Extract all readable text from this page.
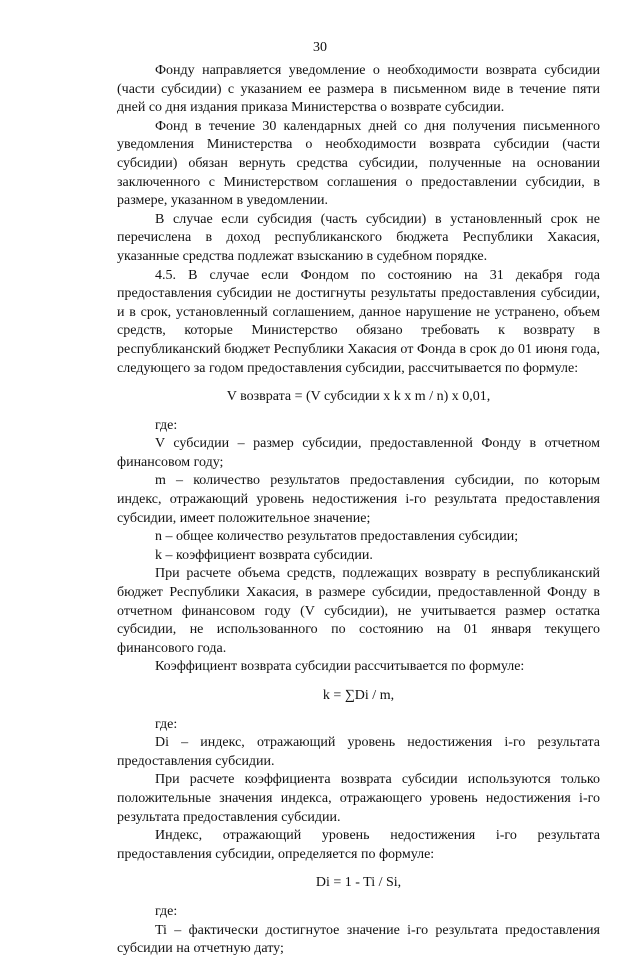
30

Фонду направляется уведомление о необходимости возврата субсидии (части субсидии) с указанием ее размера в письменном виде в течение пяти дней со дня издания приказа Министерства о возврате субсидии.

Фонд в течение 30 календарных дней со дня получения письменного уведомления Министерства о необходимости возврата субсидии (части субсидии) обязан вернуть средства субсидии, полученные на основании заключенного с Министерством соглашения о предоставлении субсидии, в размере, указанном в уведомлении.

В случае если субсидия (часть субсидии) в установленный срок не перечислена в доход республиканского бюджета Республики Хакасия, указанные средства подлежат взысканию в судебном порядке.

4.5. В случае если Фондом по состоянию на 31 декабря года предоставления субсидии не достигнуты результаты предоставления субсидии, и в срок, установленный соглашением, данное нарушение не устранено, объем средств, которые Министерство обязано требовать к возврату в республиканский бюджет Республики Хакасия от Фонда в срок до 01 июня года, следующего за годом предоставления субсидии, рассчитывается по формуле:

V возврата = (V субсидии x k x m / n) x 0,01,

где:

V субсидии – размер субсидии, предоставленной Фонду в отчетном финансовом году;

m – количество результатов предоставления субсидии, по которым индекс, отражающий уровень недостижения i-го результата предоставления субсидии, имеет положительное значение;

n – общее количество результатов предоставления субсидии;

k – коэффициент возврата субсидии.

При расчете объема средств, подлежащих возврату в республиканский бюджет Республики Хакасия, в размере субсидии, предоставленной Фонду в отчетном финансовом году (V субсидии), не учитывается размер остатка субсидии, не использованного по состоянию на 01 января текущего финансового года.

Коэффициент возврата субсидии рассчитывается по формуле:

k = ∑Di / m,

где:

Di – индекс, отражающий уровень недостижения i-го результата предоставления субсидии.

При расчете коэффициента возврата субсидии используются только положительные значения индекса, отражающего уровень недостижения i-го результата предоставления субсидии.

Индекс, отражающий уровень недостижения i-го результата предоставления субсидии, определяется по формуле:

Di = 1 - Ti / Si,

где:

Ti – фактически достигнутое значение i-го результата предоставления субсидии на отчетную дату;
